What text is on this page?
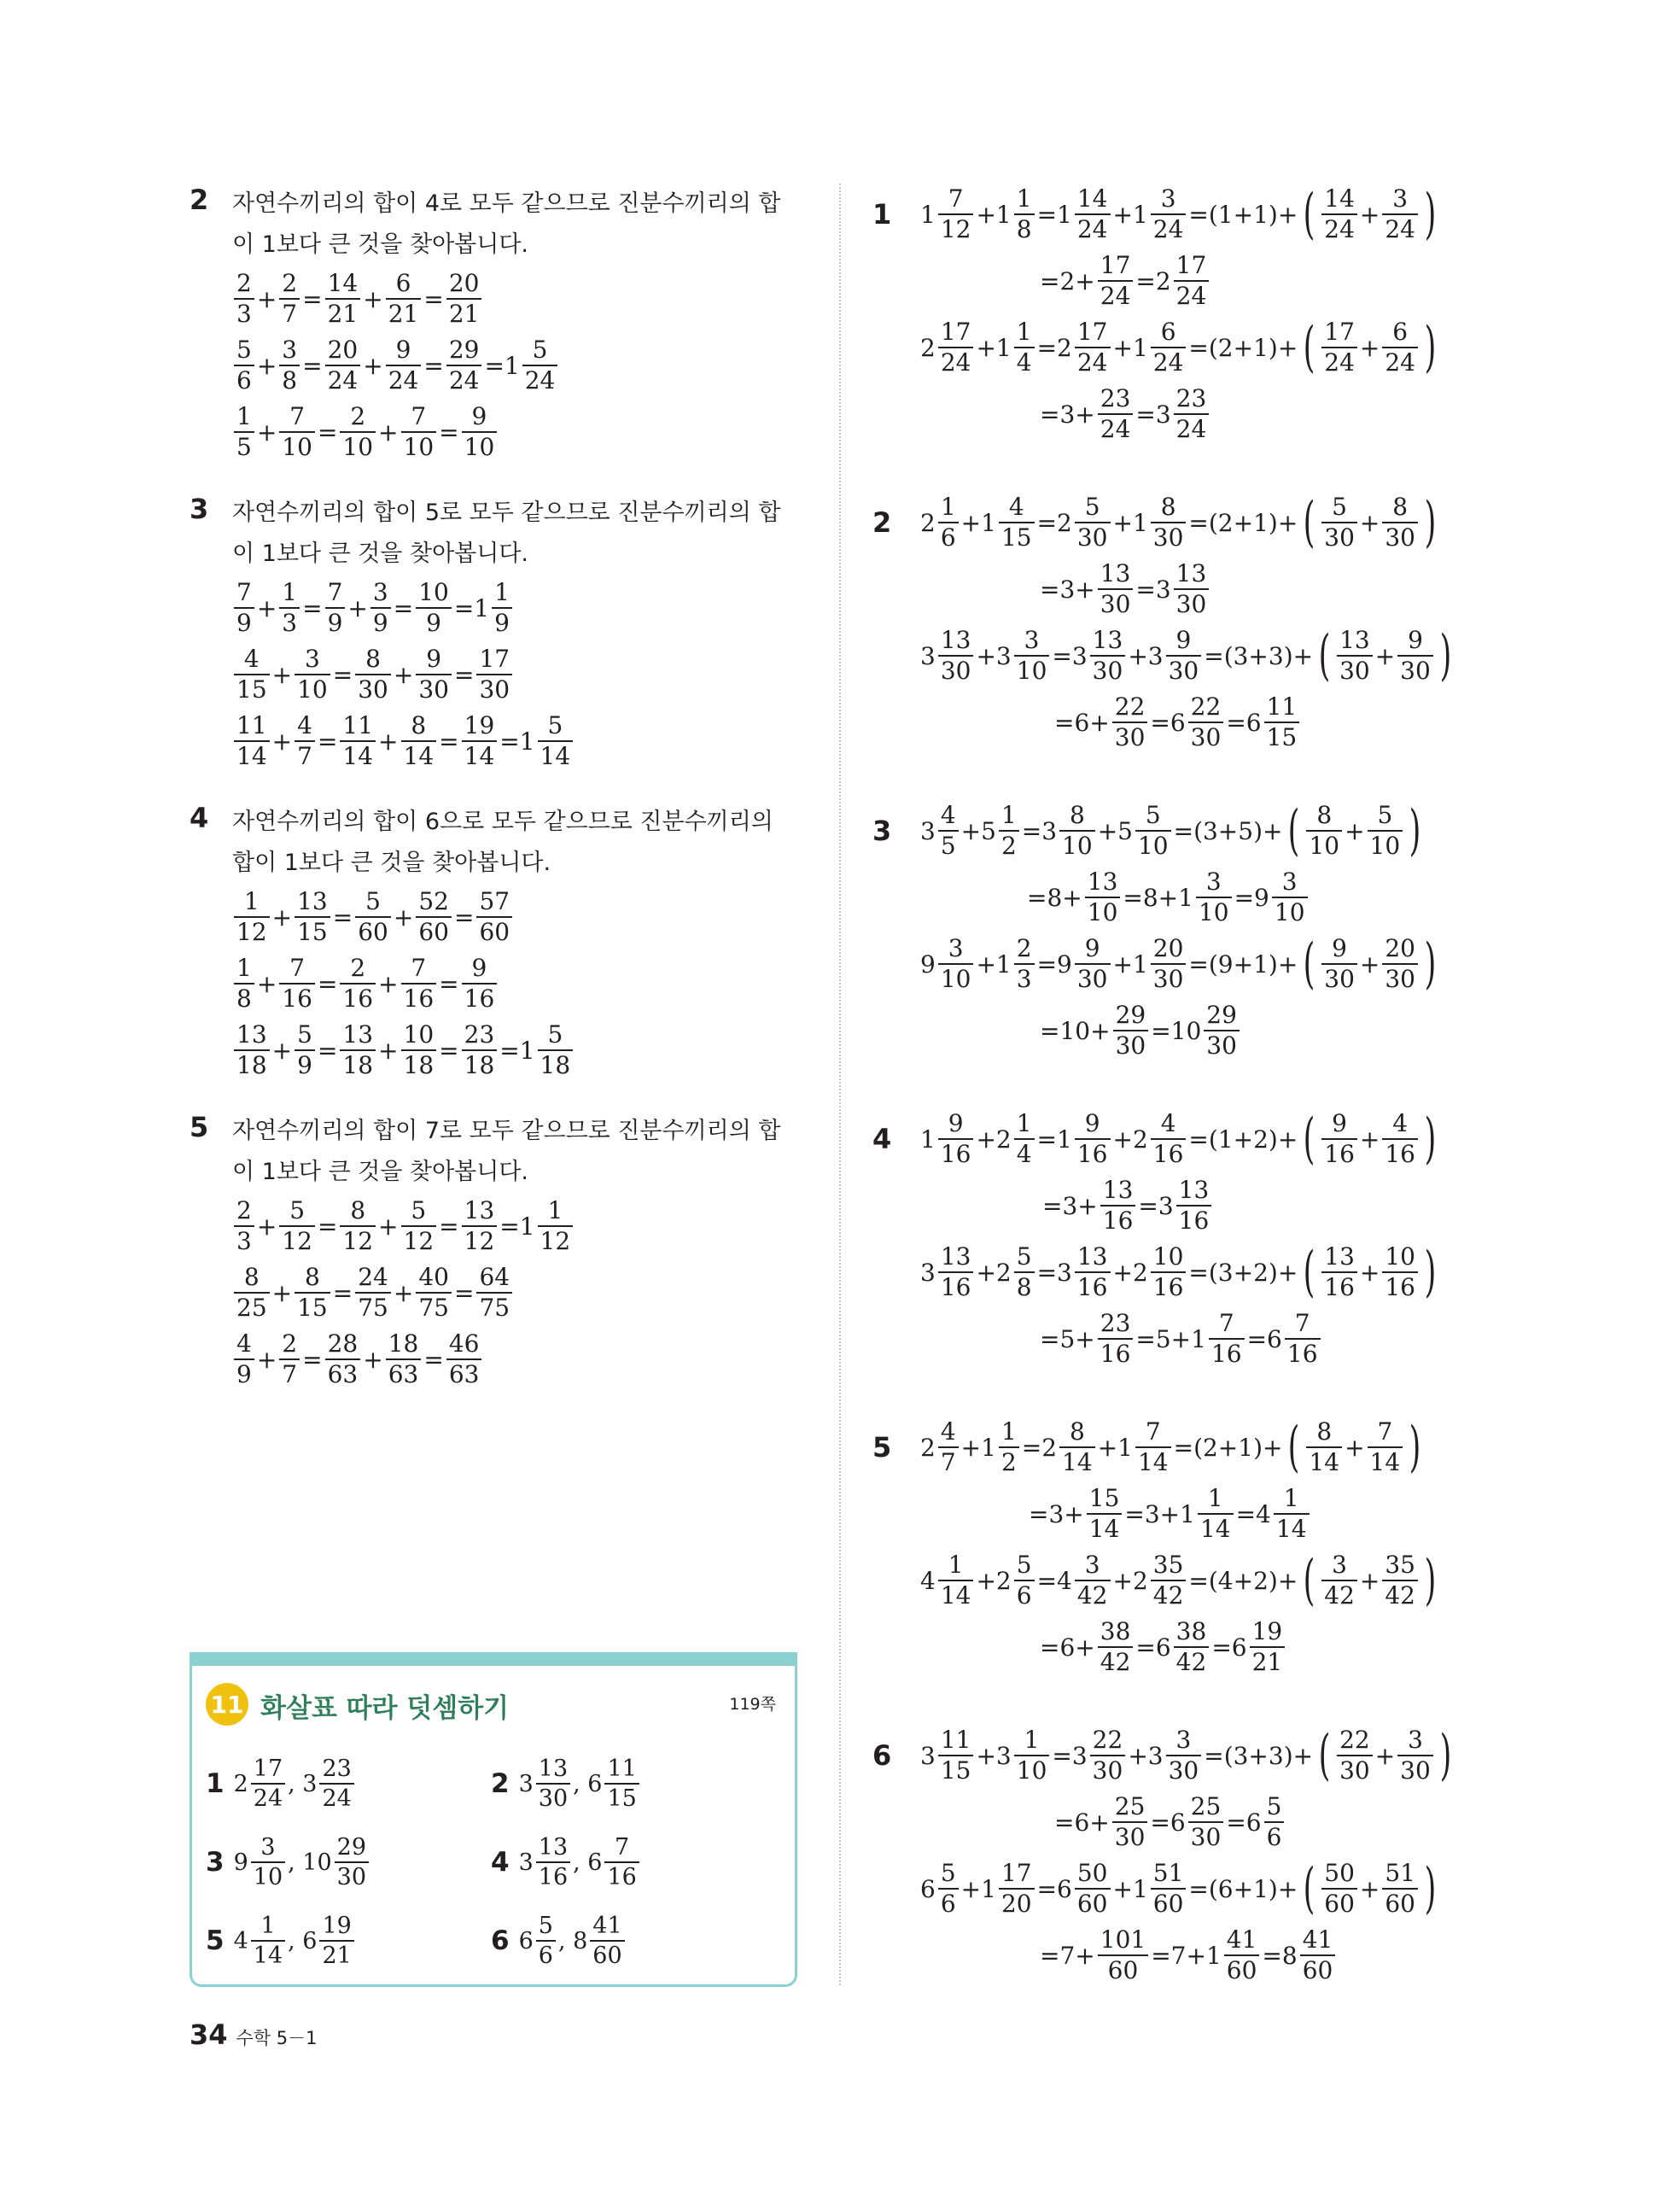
2 자연수끼리의 합이 4로 모두 같으므로 진분수끼리의 합
이 1보다 큰 것을 찾아봅니다.
$\frac{2}{3} + \frac{2}{7} = \frac{14}{21} + \frac{6}{21} = \frac{20}{21}$
$\frac{5}{6} + \frac{3}{8} = \frac{20}{24} + \frac{9}{24} = \frac{29}{24} =1 \frac{5}{24}$
$\frac{1}{5} + \frac{7}{10} = \frac{2}{10} + \frac{7}{10} = \frac{9}{10}$
3 자연수끼리의 합이 5로 모두 같으므로 진분수끼리의 합
이 1보다 큰 것을 찾아봅니다.
$\frac{7}{9} + \frac{1}{3} = \frac{7}{9} + \frac{3}{9} = \frac{10}{9} =1 \frac{1}{9}$
$\frac{4}{15} + \frac{3}{10} = \frac{8}{30} + \frac{9}{30} = \frac{17}{30}$
$\frac{11}{14} + \frac{4}{7} = \frac{11}{14} + \frac{8}{14} = \frac{19}{14} =1 \frac{5}{14}$
4 자연수끼리의 합이 6으로 모두 같으므로 진분수끼리의
합이 1보다 큰 것을 찾아봅니다.
$\frac{1}{12} + \frac{13}{15} = \frac{5}{60} + \frac{52}{60} = \frac{57}{60}$
$\frac{1}{8} + \frac{7}{16} = \frac{2}{16} + \frac{7}{16} = \frac{9}{16}$
$\frac{13}{18} + \frac{5}{9} = \frac{13}{18} + \frac{10}{18} = \frac{23}{18} =1 \frac{5}{18}$
5 자연수끼리의 합이 7로 모두 같으므로 진분수끼리의 합
이 1보다 큰 것을 찾아봅니다.
$\frac{2}{3} + \frac{5}{12} = \frac{8}{12} + \frac{5}{12} = \frac{13}{12} =1 \frac{1}{12}$
$\frac{8}{25} + \frac{8}{15} = \frac{24}{75} + \frac{40}{75} = \frac{64}{75}$
$\frac{4}{9} + \frac{2}{7} = \frac{28}{63} + \frac{18}{63} = \frac{46}{63}$
1 $1 \frac{7}{12} +1 \frac{1}{8} =1 \frac{14}{24} +1 \frac{3}{24} =(1+1)+$ ( $\frac{14}{24} + \frac{3}{24}$ )
$=2+ \frac{17}{24} =2 \frac{17}{24}$
$2 \frac{17}{24} +1 \frac{1}{4} =2 \frac{17}{24} +1 \frac{6}{24} =(2+1)+$ ( $\frac{17}{24} + \frac{6}{24}$ )
$=3+ \frac{23}{24} =3 \frac{23}{24}$
2 $2 \frac{1}{6} +1 \frac{4}{15} =2 \frac{5}{30} +1 \frac{8}{30} =(2+1)+$ ( $\frac{5}{30} + \frac{8}{30}$ )
$=3+ \frac{13}{30} =3 \frac{13}{30}$
$3 \frac{13}{30} +3 \frac{3}{10} =3 \frac{13}{30} +3 \frac{9}{30} =(3+3)+$ ( $\frac{13}{30} + \frac{9}{30}$ )
$=6+ \frac{22}{30} =6 \frac{22}{30} =6 \frac{11}{15}$
3 $3 \frac{4}{5} +5 \frac{1}{2} =3 \frac{8}{10} +5 \frac{5}{10} =(3+5)+$ ( $\frac{8}{10} + \frac{5}{10}$ )
$=8+ \frac{13}{10} =8+1 \frac{3}{10} =9 \frac{3}{10}$
$9 \frac{3}{10} +1 \frac{2}{3} =9 \frac{9}{30} +1 \frac{20}{30} =(9+1)+$ ( $\frac{9}{30} + \frac{20}{30}$ )
$=10+ \frac{29}{30} =10 \frac{29}{30}$
4 $1 \frac{9}{16} +2 \frac{1}{4} =1 \frac{9}{16} +2 \frac{4}{16} =(1+2)+$ ( $\frac{9}{16} + \frac{4}{16}$ )
$=3+ \frac{13}{16} =3 \frac{13}{16}$
$3 \frac{13}{16} +2 \frac{5}{8} =3 \frac{13}{16} +2 \frac{10}{16} =(3+2)+$ ( $\frac{13}{16} + \frac{10}{16}$ )
$=5+ \frac{23}{16} =5+1 \frac{7}{16} =6 \frac{7}{16}$
5 $2 \frac{4}{7} +1 \frac{1}{2} =2 \frac{8}{14} +1 \frac{7}{14} =(2+1)+$ ( $\frac{8}{14} + \frac{7}{14}$ )
$=3+ \frac{15}{14} =3+1 \frac{1}{14} =4 \frac{1}{14}$
$4 \frac{1}{14} +2 \frac{5}{6} =4 \frac{3}{42} +2 \frac{35}{42} =(4+2)+$ ( $\frac{3}{42} + \frac{35}{42}$ )
$=6+ \frac{38}{42} =6 \frac{38}{42} =6 \frac{19}{21}$
6 $3 \frac{11}{15} +3 \frac{1}{10} =3 \frac{22}{30} +3 \frac{3}{30} =(3+3)+$ ( $\frac{22}{30} + \frac{3}{30}$ )
$=6+ \frac{25}{30} =6 \frac{25}{30} =6 \frac{5}{6}$
$6 \frac{5}{6} +1 \frac{17}{20} =6 \frac{50}{60} +1 \frac{51}{60} =(6+1)+$ ( $\frac{50}{60} + \frac{51}{60}$ )
$=7+ \frac{101}{60} =7+1 \frac{41}{60} =8 \frac{41}{60}$
11 화살표 따라 덧셈하기	119쪽
1 $2 \frac{17}{24}$ , $3 \frac{23}{24}$	2 $3 \frac{13}{30}$ , $6 \frac{11}{15}$
3 $9 \frac{3}{10}$ , $10 \frac{29}{30}$	4 $3 \frac{13}{16}$ , $6 \frac{7}{16}$
5 $4 \frac{1}{14}$ , $6 \frac{19}{21}$	6 $6 \frac{5}{6}$ , $8 \frac{41}{60}$
34 수학 5－1
